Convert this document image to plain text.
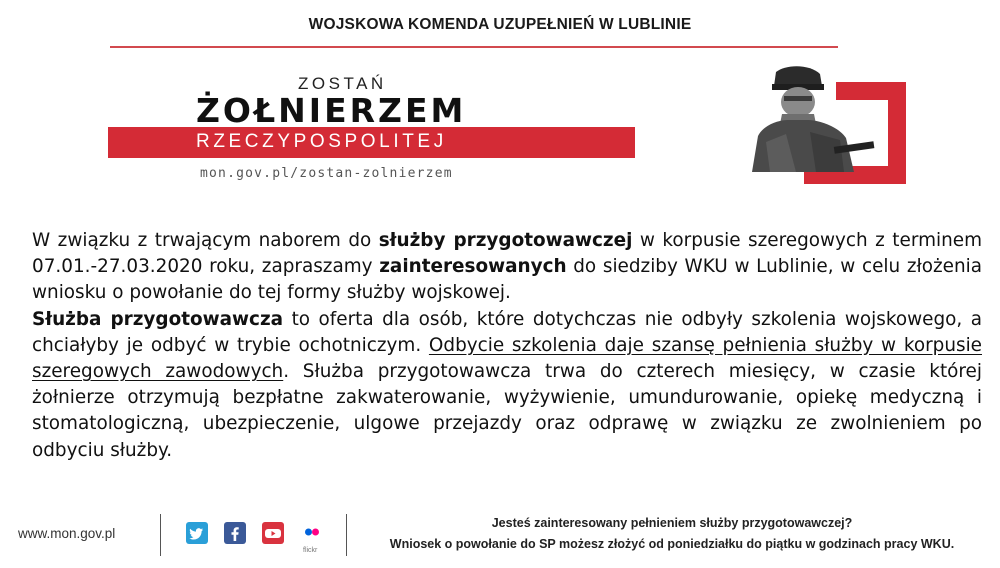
WOJSKOWA KOMENDA UZUPEŁNIEŃ W LUBLINIE
ZOSTAŃ
ŻOŁNIERZEM
RZECZYPOSPOLITEJ
mon.gov.pl/zostan-zolnierzem

W związku z trwającym naborem do służby przygotowawczej w korpusie szeregowych z terminem 07.01.-27.03.2020 roku, zapraszamy zainteresowanych do siedziby WKU w Lublinie, w celu złożenia wniosku o powołanie do tej formy służby wojskowej.

Służba przygotowawcza to oferta dla osób, które dotychczas nie odbyły szkolenia wojskowego, a chciałyby je odbyć w trybie ochotniczym. Odbycie szkolenia daje szansę pełnienia służby w korpusie szeregowych zawodowych. Służba przygotowawcza trwa do czterech miesięcy, w czasie której żołnierze otrzymują bezpłatne zakwaterowanie, wyżywienie, umundurowanie, opiekę medyczną i stomatologiczną, ubezpieczenie, ulgowe przejazdy oraz odprawę w związku ze zwolnieniem po odbyciu służby.

www.mon.gov.pl
flickr
Jesteś zainteresowany pełnieniem służby przygotowawczej?
Wniosek o powołanie do SP możesz złożyć od poniedziałku do piątku w godzinach pracy WKU.
